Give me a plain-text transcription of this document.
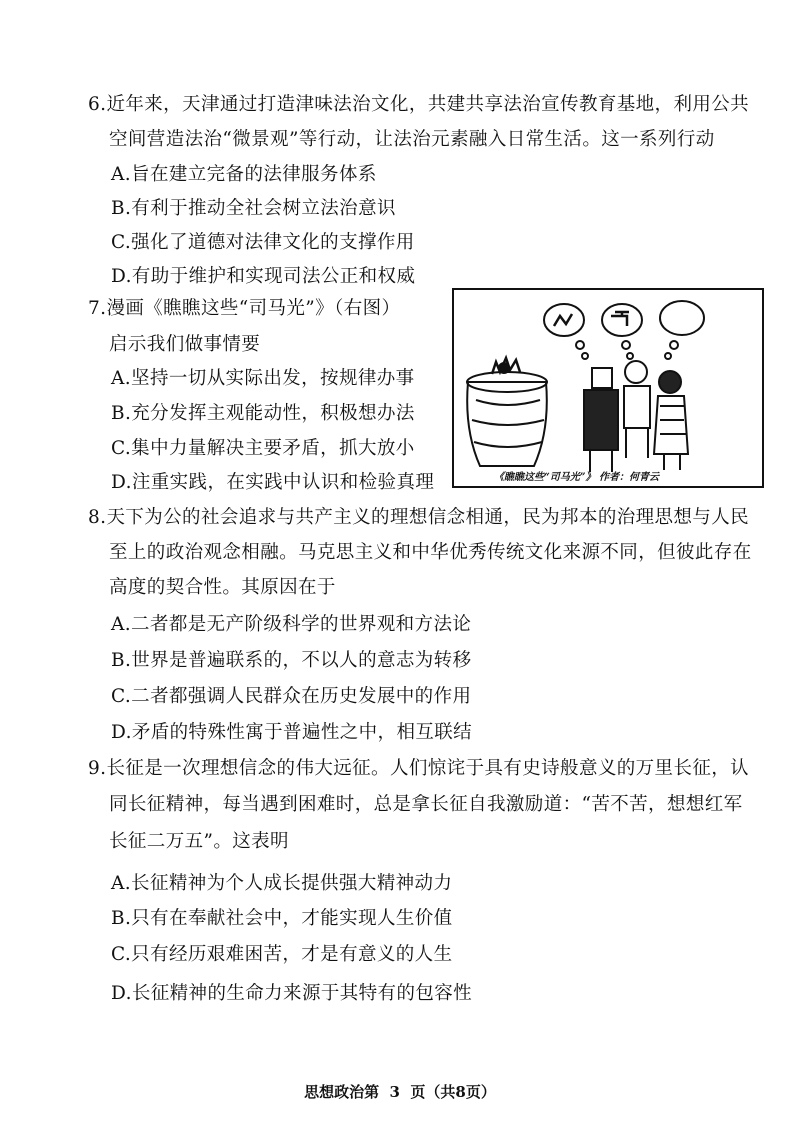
6.近年来，天津通过打造津味法治文化，共建共享法治宣传教育基地，利用公共
空间营造法治“微景观”等行动，让法治元素融入日常生活。这一系列行动
A.旨在建立完备的法律服务体系
B.有利于推动全社会树立法治意识
C.强化了道德对法律文化的支撑作用
D.有助于维护和实现司法公正和权威
7.漫画《瞧瞧这些“司马光”》（右图）
启示我们做事情要
A.坚持一切从实际出发，按规律办事
B.充分发挥主观能动性，积极想办法
C.集中力量解决主要矛盾，抓大放小
D.注重实践，在实践中认识和检验真理	《瞧瞧这些“司马光”》 作者：何青云
8.天下为公的社会追求与共产主义的理想信念相通，民为邦本的治理思想与人民
至上的政治观念相融。马克思主义和中华优秀传统文化来源不同，但彼此存在
高度的契合性。其原因在于
A.二者都是无产阶级科学的世界观和方法论
B.世界是普遍联系的，不以人的意志为转移
C.二者都强调人民群众在历史发展中的作用
D.矛盾的特殊性寓于普遍性之中，相互联结
9.长征是一次理想信念的伟大远征。人们惊诧于具有史诗般意义的万里长征，认
同长征精神，每当遇到困难时，总是拿长征自我激励道：“苦不苦，想想红军
长征二万五”。这表明
A.长征精神为个人成长提供强大精神动力
B.只有在奉献社会中，才能实现人生价值
C.只有经历艰难困苦，才是有意义的人生
D.长征精神的生命力来源于其特有的包容性
思想政治第  3  页（共8页）
